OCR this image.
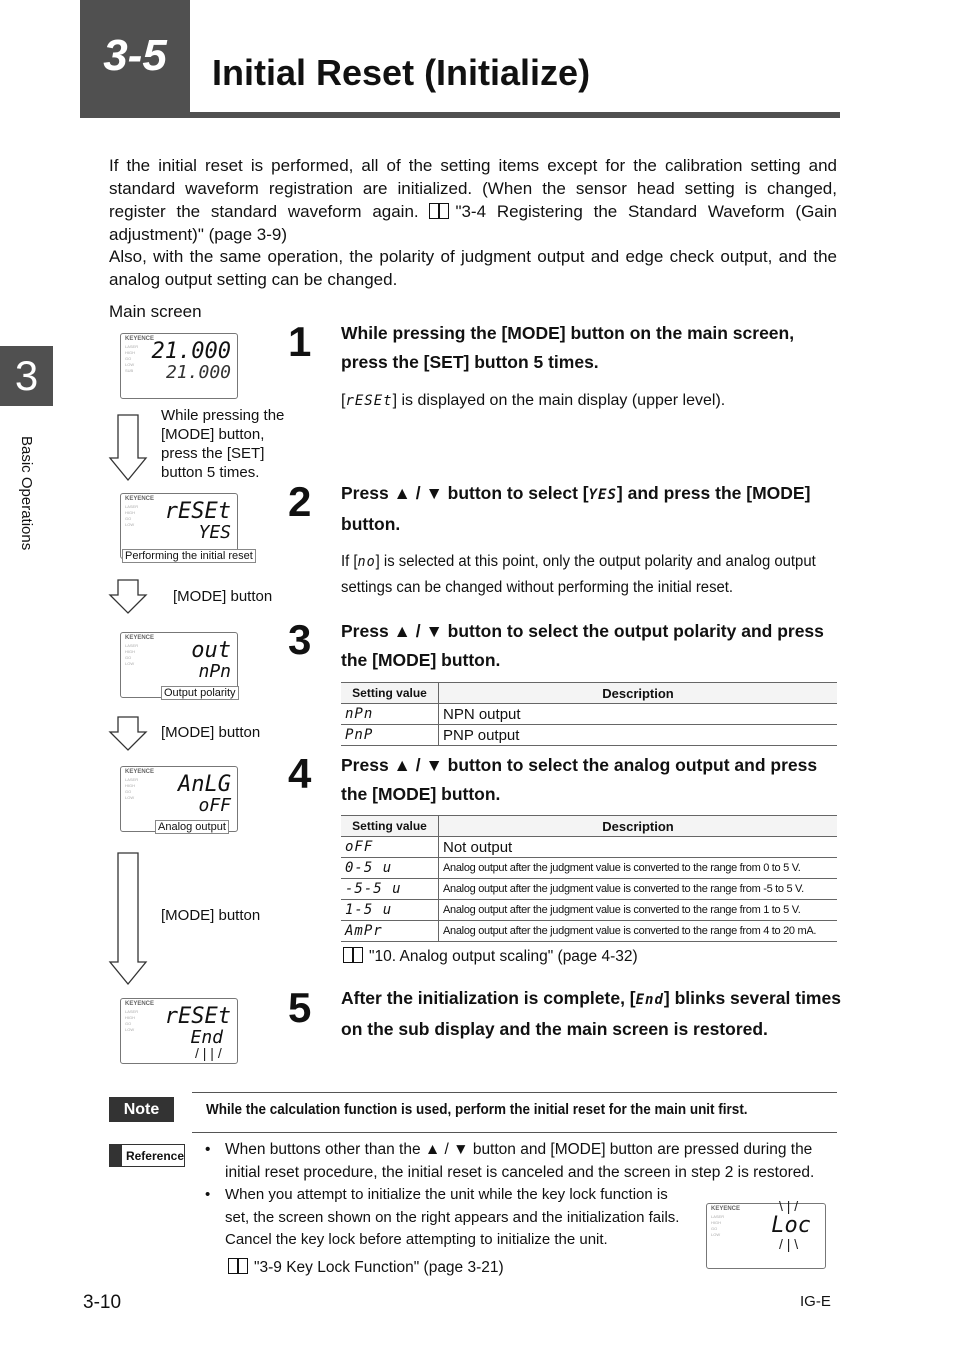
3-5	Initial Reset (Initialize)
3
Basic Operations
If the initial reset is performed, all of the setting items except for the calibration setting and standard waveform registration are initialized. (When the sensor head setting is changed, register the standard waveform again. "3-4 Registering the Standard Waveform (Gain adjustment)" (page 3-9)
Also, with the same operation, the polarity of judgment output and edge check output, and the analog output setting can be changed.
Main screen
KEYENCE
LASER
HIGH
GO
LOW
SUB
21.000
21.000
While pressing the [MODE] button, press the [SET] button 5 times.
KEYENCE
LASER
HIGH
GO
LOW
rESEt
YES
Performing the initial reset
[MODE] button
KEYENCE
LASER
HIGH
GO
LOW
out
nPn
Output polarity
[MODE] button
KEYENCE
LASER
HIGH
GO
LOW
AnLG
oFF
Analog output
[MODE] button
KEYENCE
LASER
HIGH
GO
LOW
rESEt
End
/ | | /
1 While pressing the [MODE] button on the main screen, press the [SET] button 5 times.
[rESEt] is displayed on the main display (upper level).
2 Press ▲ / ▼ button to select [YES] and press the [MODE] button.
If [no] is selected at this point, only the output polarity and analog output settings can be changed without performing the initial reset.
3 Press ▲ / ▼ button to select the output polarity and press the [MODE] button.
Setting value	Description
nPn	NPN output
PnP	PNP output
4 Press ▲ / ▼ button to select the analog output and press the [MODE] button.
Setting value	Description
oFF	Not output
0-5 u	Analog output after the judgment value is converted to the range from 0 to 5 V.
-5-5 u	Analog output after the judgment value is converted to the range from -5 to 5 V.
1-5 u	Analog output after the judgment value is converted to the range from 1 to 5 V.
AmPr	Analog output after the judgment value is converted to the range from 4 to 20 mA.
"10. Analog output scaling" (page 4-32)
5 After the initialization is complete, [End] blinks several times on the sub display and the main screen is restored.
Note	While the calculation function is used, perform the initial reset for the main unit first.
Reference • When buttons other than the ▲ / ▼ button and [MODE] button are pressed during the initial reset procedure, the initial reset is canceled and the screen in step 2 is restored.
• When you attempt to initialize the unit while the key lock function is set, the screen shown on the right appears and the initialization fails. Cancel the key lock before attempting to initialize the unit.
"3-9 Key Lock Function" (page 3-21)
KEYENCE
LASER
HIGH
GO
LOW	Loc
\ | /
/ | \
3-10	IG-E
